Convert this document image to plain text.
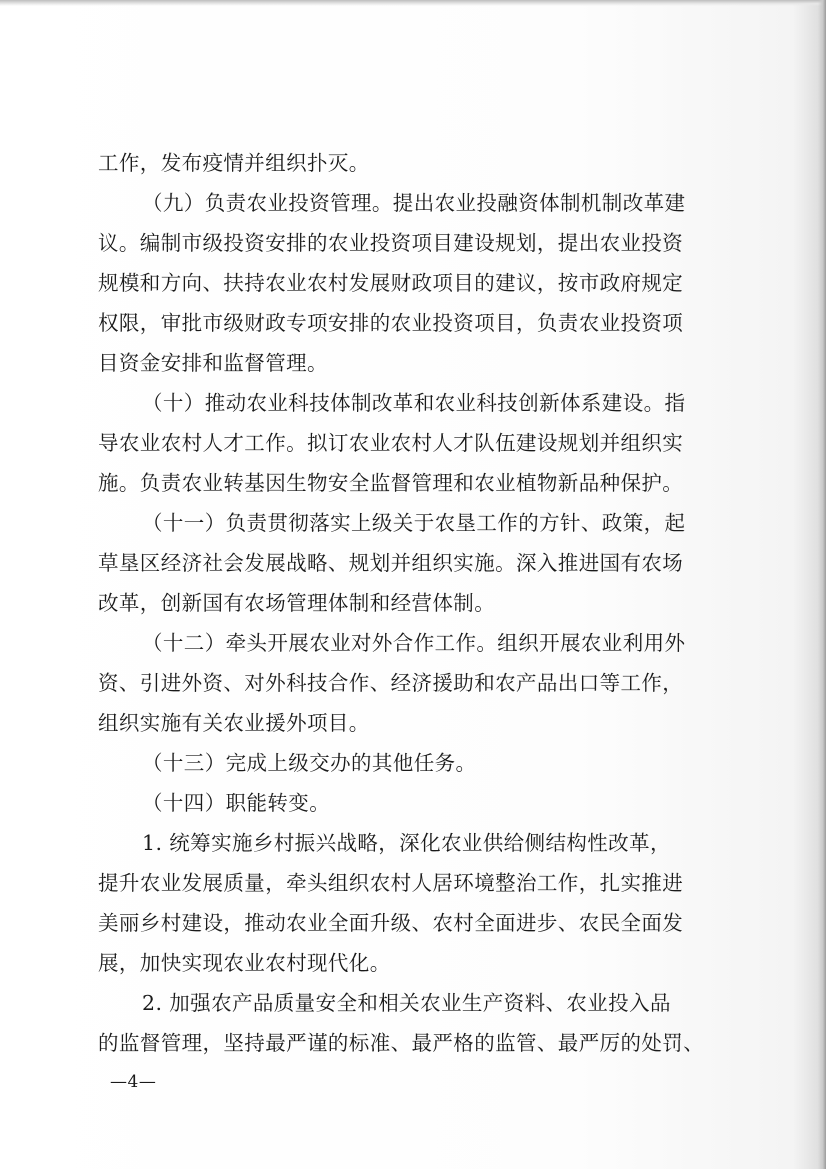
工作，发布疫情并组织扑灭。
（九）负责农业投资管理。提出农业投融资体制机制改革建
议。编制市级投资安排的农业投资项目建设规划，提出农业投资
规模和方向、扶持农业农村发展财政项目的建议，按市政府规定
权限，审批市级财政专项安排的农业投资项目，负责农业投资项
目资金安排和监督管理。
（十）推动农业科技体制改革和农业科技创新体系建设。指
导农业农村人才工作。拟订农业农村人才队伍建设规划并组织实
施。负责农业转基因生物安全监督管理和农业植物新品种保护。
（十一）负责贯彻落实上级关于农垦工作的方针、政策，起
草垦区经济社会发展战略、规划并组织实施。深入推进国有农场
改革，创新国有农场管理体制和经营体制。
（十二）牵头开展农业对外合作工作。组织开展农业利用外
资、引进外资、对外科技合作、经济援助和农产品出口等工作，
组织实施有关农业援外项目。
（十三）完成上级交办的其他任务。
（十四）职能转变。
1. 统筹实施乡村振兴战略，深化农业供给侧结构性改革，
提升农业发展质量，牵头组织农村人居环境整治工作，扎实推进
美丽乡村建设，推动农业全面升级、农村全面进步、农民全面发
展，加快实现农业农村现代化。
2. 加强农产品质量安全和相关农业生产资料、农业投入品
的监督管理，坚持最严谨的标准、最严格的监管、最严厉的处罚、
—4—
